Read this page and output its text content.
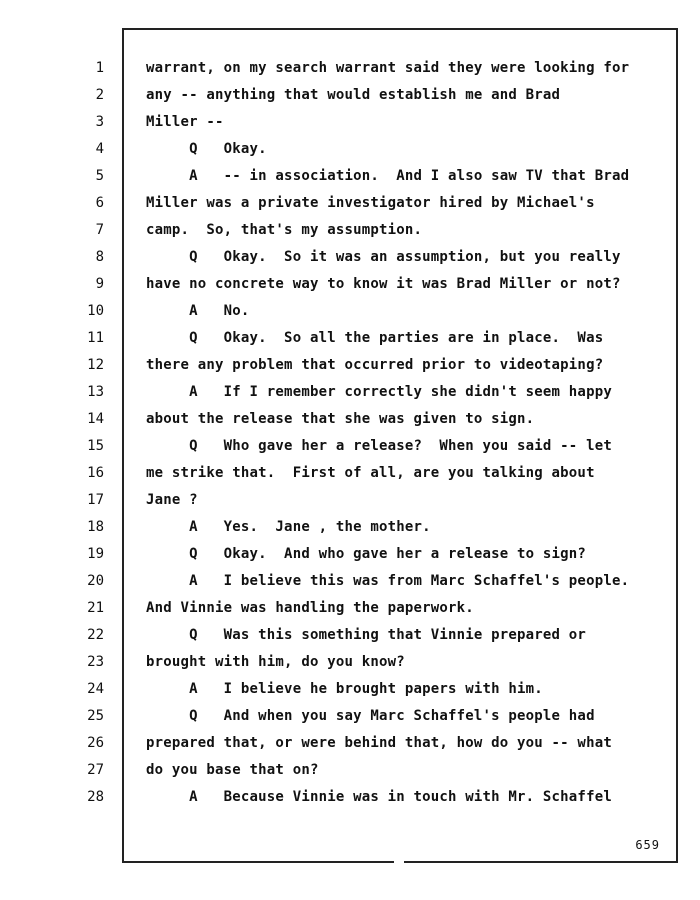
1	warrant, on my search warrant said they were looking for
2	any -- anything that would establish me and Brad
3	Miller --
4	Q   Okay.
5	A   -- in association.  And I also saw TV that Brad
6	Miller was a private investigator hired by Michael's
7	camp.  So, that's my assumption.
8	Q   Okay.  So it was an assumption, but you really
9	have no concrete way to know it was Brad Miller or not?
10	A   No.
11	Q   Okay.  So all the parties are in place.  Was
12	there any problem that occurred prior to videotaping?
13	A   If I remember correctly she didn't seem happy
14	about the release that she was given to sign.
15	Q   Who gave her a release?  When you said -- let
16	me strike that.  First of all, are you talking about
17	Jane ?
18	A   Yes.  Jane , the mother.
19	Q   Okay.  And who gave her a release to sign?
20	A   I believe this was from Marc Schaffel's people.
21	And Vinnie was handling the paperwork.
22	Q   Was this something that Vinnie prepared or
23	brought with him, do you know?
24	A   I believe he brought papers with him.
25	Q   And when you say Marc Schaffel's people had
26	prepared that, or were behind that, how do you -- what
27	do you base that on?
28	A   Because Vinnie was in touch with Mr. Schaffel
659
